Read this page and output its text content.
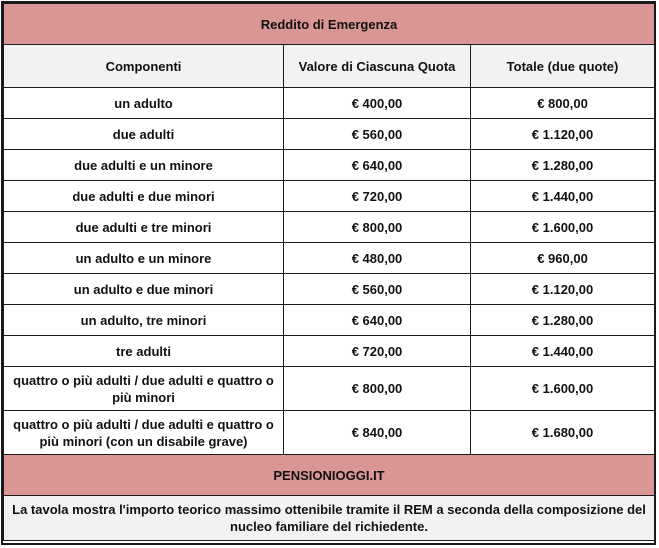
Reddito di Emergenza		
Componenti	Valore di Ciascuna Quota	Totale (due quote)
un adulto	€ 400,00	€ 800,00
due adulti	€ 560,00	€ 1.120,00
due adulti e un minore	€ 640,00	€ 1.280,00
due adulti e due minori	€ 720,00	€ 1.440,00
due adulti e tre minori	€ 800,00	€ 1.600,00
un adulto e un minore	€ 480,00	€ 960,00
un adulto e due minori	€ 560,00	€ 1.120,00
un adulto, tre minori	€ 640,00	€ 1.280,00
tre adulti	€ 720,00	€ 1.440,00
quattro o più adulti / due adulti e quattro o più minori	€ 800,00	€ 1.600,00
quattro o più adulti / due adulti e quattro o più minori (con un disabile grave)	€ 840,00	€ 1.680,00
PENSIONIOGGI.IT		
La tavola mostra l'importo teorico massimo ottenibile tramite il REM a seconda della composizione del nucleo familiare del richiedente.		
